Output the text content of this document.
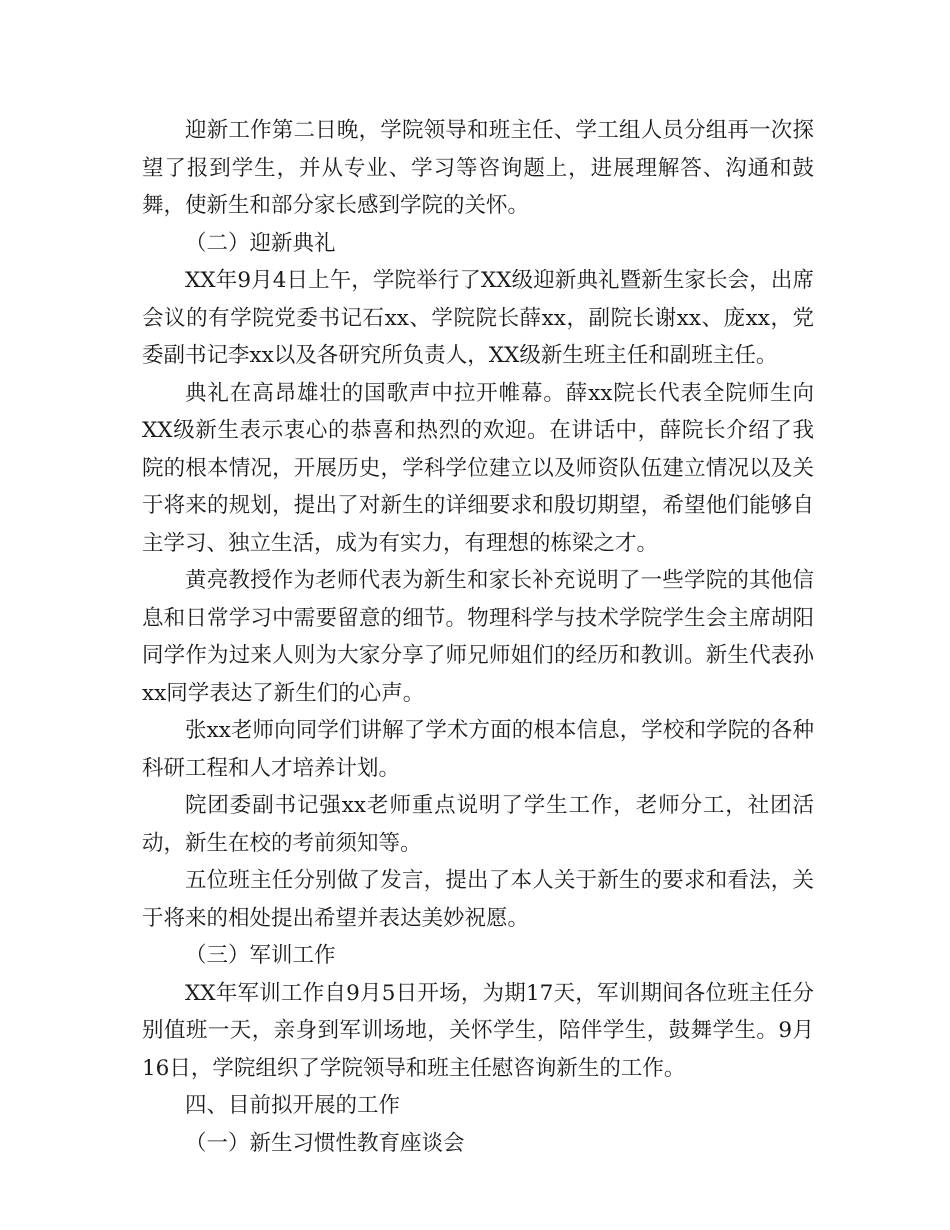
迎新工作第二日晚，学院领导和班主任、学工组人员分组再一次探望了报到学生，并从专业、学习等咨询题上，进展理解答、沟通和鼓舞，使新生和部分家长感到学院的关怀。

（二）迎新典礼

XX年9月4日上午，学院举行了XX级迎新典礼暨新生家长会，出席会议的有学院党委书记石xx、学院院长薛xx，副院长谢xx、庞xx，党委副书记李xx以及各研究所负责人，XX级新生班主任和副班主任。

典礼在高昂雄壮的国歌声中拉开帷幕。薛xx院长代表全院师生向XX级新生表示衷心的恭喜和热烈的欢迎。在讲话中，薛院长介绍了我院的根本情况，开展历史，学科学位建立以及师资队伍建立情况以及关于将来的规划，提出了对新生的详细要求和殷切期望，希望他们能够自主学习、独立生活，成为有实力，有理想的栋梁之才。

黄亮教授作为老师代表为新生和家长补充说明了一些学院的其他信息和日常学习中需要留意的细节。物理科学与技术学院学生会主席胡阳同学作为过来人则为大家分享了师兄师姐们的经历和教训。新生代表孙xx同学表达了新生们的心声。

张xx老师向同学们讲解了学术方面的根本信息，学校和学院的各种科研工程和人才培养计划。

院团委副书记强xx老师重点说明了学生工作，老师分工，社团活动，新生在校的考前须知等。

五位班主任分别做了发言，提出了本人关于新生的要求和看法，关于将来的相处提出希望并表达美妙祝愿。

（三）军训工作

XX年军训工作自9月5日开场，为期17天，军训期间各位班主任分别值班一天，亲身到军训场地，关怀学生，陪伴学生，鼓舞学生。9月16日，学院组织了学院领导和班主任慰咨询新生的工作。

四、目前拟开展的工作

（一）新生习惯性教育座谈会
